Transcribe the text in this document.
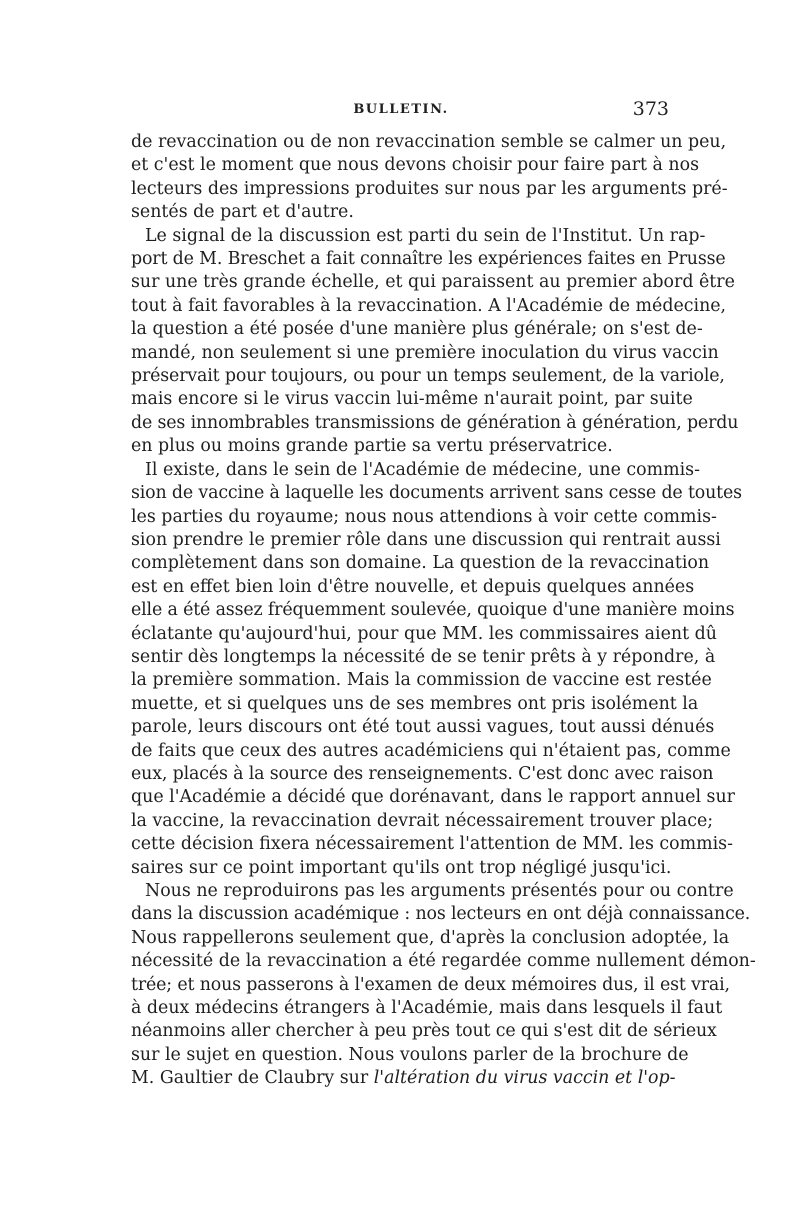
BULLETIN.	373
de revaccination ou de non revaccination semble se calmer un peu,
et c'est le moment que nous devons choisir pour faire part à nos
lecteurs des impressions produites sur nous par les arguments pré-
sentés de part et d'autre.
Le signal de la discussion est parti du sein de l'Institut. Un rap-
port de M. Breschet a fait connaître les expériences faites en Prusse
sur une très grande échelle, et qui paraissent au premier abord être
tout à fait favorables à la revaccination. A l'Académie de médecine,
la question a été posée d'une manière plus générale; on s'est de-
mandé, non seulement si une première inoculation du virus vaccin
préservait pour toujours, ou pour un temps seulement, de la variole,
mais encore si le virus vaccin lui-même n'aurait point, par suite
de ses innombrables transmissions de génération à génération, perdu
en plus ou moins grande partie sa vertu préservatrice.
Il existe, dans le sein de l'Académie de médecine, une commis-
sion de vaccine à laquelle les documents arrivent sans cesse de toutes
les parties du royaume; nous nous attendions à voir cette commis-
sion prendre le premier rôle dans une discussion qui rentrait aussi
complètement dans son domaine. La question de la revaccination
est en effet bien loin d'être nouvelle, et depuis quelques années
elle a été assez fréquemment soulevée, quoique d'une manière moins
éclatante qu'aujourd'hui, pour que MM. les commissaires aient dû
sentir dès longtemps la nécessité de se tenir prêts à y répondre, à
la première sommation. Mais la commission de vaccine est restée
muette, et si quelques uns de ses membres ont pris isolément la
parole, leurs discours ont été tout aussi vagues, tout aussi dénués
de faits que ceux des autres académiciens qui n'étaient pas, comme
eux, placés à la source des renseignements. C'est donc avec raison
que l'Académie a décidé que dorénavant, dans le rapport annuel sur
la vaccine, la revaccination devrait nécessairement trouver place;
cette décision fixera nécessairement l'attention de MM. les commis-
saires sur ce point important qu'ils ont trop négligé jusqu'ici.
Nous ne reproduirons pas les arguments présentés pour ou contre
dans la discussion académique : nos lecteurs en ont déjà connaissance.
Nous rappellerons seulement que, d'après la conclusion adoptée, la
nécessité de la revaccination a été regardée comme nullement démon-
trée; et nous passerons à l'examen de deux mémoires dus, il est vrai,
à deux médecins étrangers à l'Académie, mais dans lesquels il faut
néanmoins aller chercher à peu près tout ce qui s'est dit de sérieux
sur le sujet en question. Nous voulons parler de la brochure de
M. Gaultier de Claubry sur l'altération du virus vaccin et l'op-
